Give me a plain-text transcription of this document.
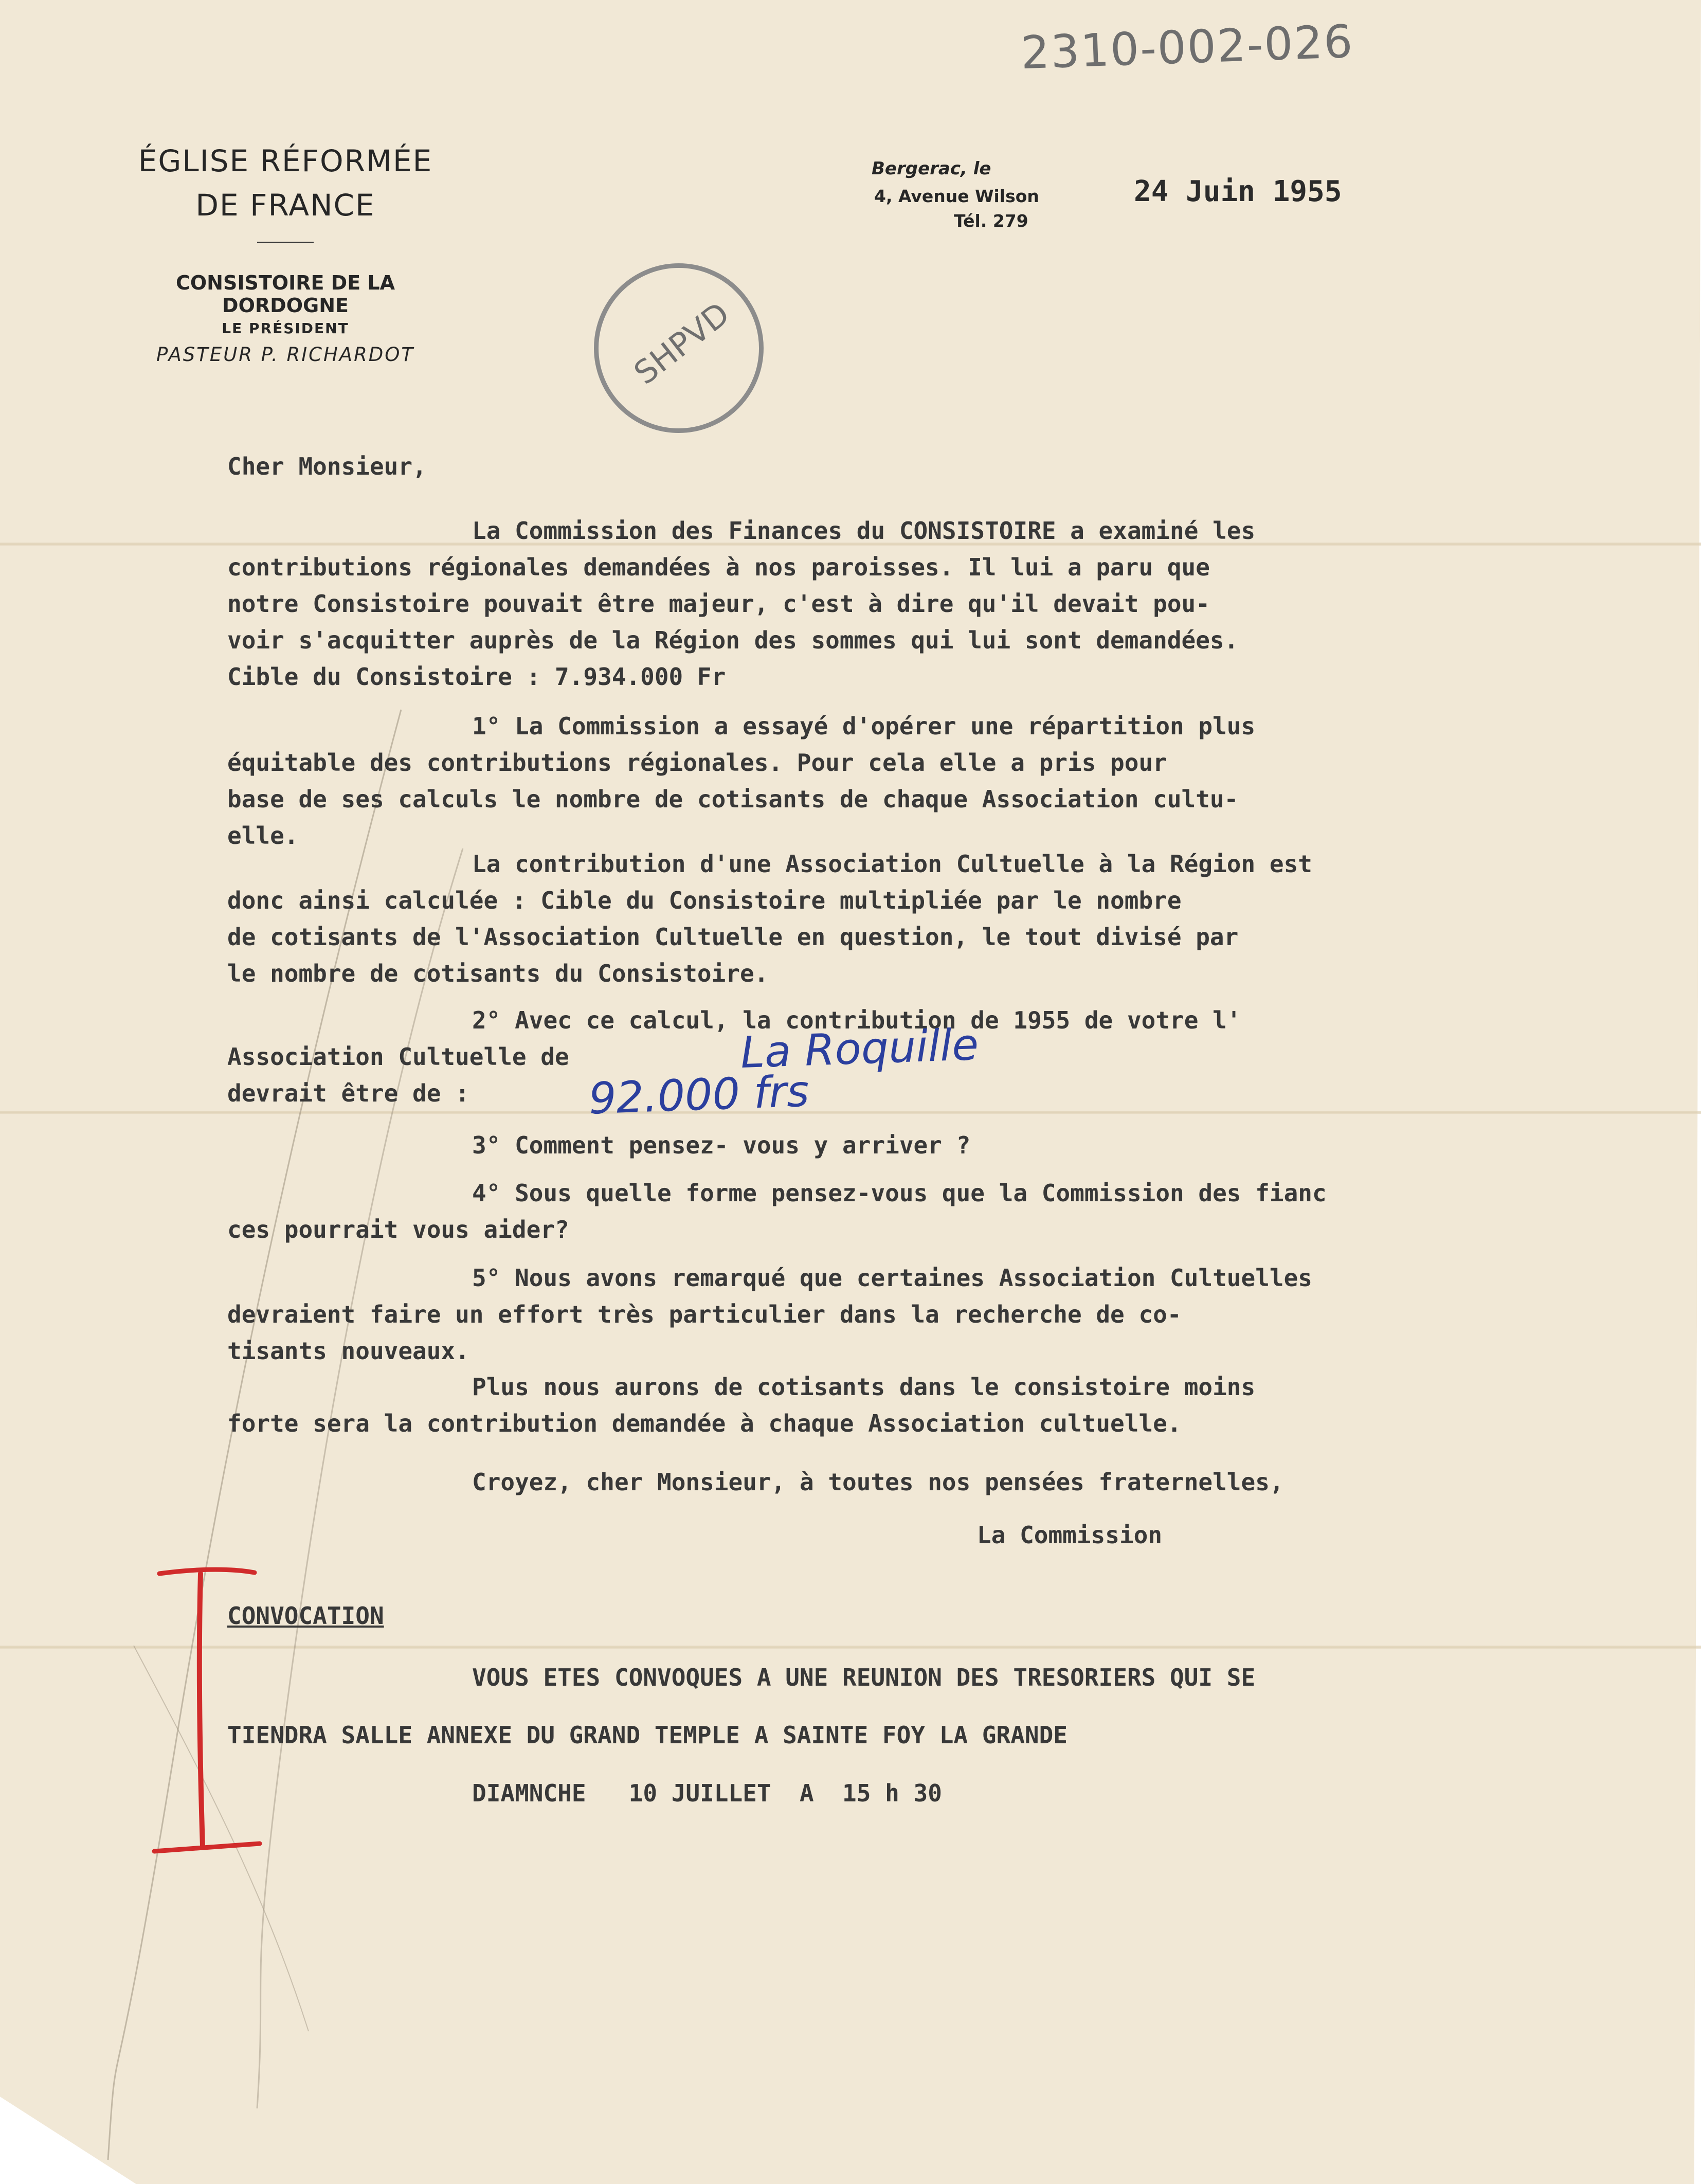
2310-002-026
ÉGLISE RÉFORMÉE
DE FRANCE
CONSISTOIRE DE LA DORDOGNE
LE PRÉSIDENT
PASTEUR P. RICHARDOT
Bergerac, le
4, Avenue Wilson
Tél. 279
24 Juin 1955
SHPVD
Cher Monsieur,
La Commission des Finances du CONSISTOIRE a examiné les
contributions régionales demandées à nos paroisses. Il lui a paru que
notre Consistoire pouvait être majeur, c'est à dire qu'il devait pou-
voir s'acquitter auprès de la Région des sommes qui lui sont demandées.
Cible du Consistoire : 7.934.000 Fr
1° La Commission a essayé d'opérer une répartition plus
équitable des contributions régionales. Pour cela elle a pris pour
base de ses calculs le nombre de cotisants de chaque Association cultu-
elle.
La contribution d'une Association Cultuelle à la Région est
donc ainsi calculée : Cible du Consistoire multipliée par le nombre
de cotisants de l'Association Cultuelle en question, le tout divisé par
le nombre de cotisants du Consistoire.
2° Avec ce calcul, la contribution de 1955 de votre l'
Association Cultuelle de
devrait être de :
La Roquille
92.000 frs
3° Comment pensez- vous y arriver ?
4° Sous quelle forme pensez-vous que la Commission des fianc
ces pourrait vous aider?
5° Nous avons remarqué que certaines Association Cultuelles
devraient faire un effort très particulier dans la recherche de co-
tisants nouveaux.
Plus nous aurons de cotisants dans le consistoire moins
forte sera la contribution demandée à chaque Association cultuelle.
Croyez, cher Monsieur, à toutes nos pensées fraternelles,
La Commission
CONVOCATION
VOUS ETES CONVOQUES A UNE REUNION DES TRESORIERS QUI SE
TIENDRA SALLE ANNEXE DU GRAND TEMPLE A SAINTE FOY LA GRANDE
DIAMNCHE   10 JUILLET  A  15 h 30
